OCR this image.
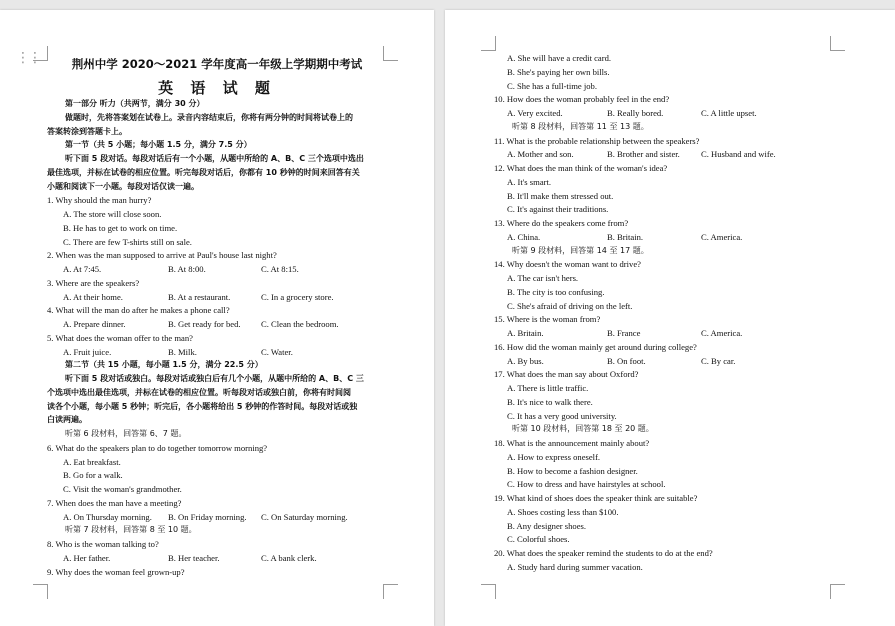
⋮⋮	荆州中学 2020～2021 学年度高一年级上学期期中考试
英 语 试 题
第一部分 听力（共两节，满分 30 分）
做题时，先将答案划在试卷上。录音内容结束后，你将有两分钟的时间将试卷上的
答案转涂到答题卡上。
第一节（共 5 小题；每小题 1.5 分，满分 7.5 分）
听下面 5 段对话。每段对话后有一个小题，从题中所给的 A、B、C 三个选项中选出
最佳选项，并标在试卷的相应位置。听完每段对话后，你都有 10 秒钟的时间来回答有关
小题和阅读下一小题。每段对话仅读一遍。
1. Why should the man hurry?
A. The store will close soon.
B. He has to get to work on time.
C. There are few T-shirts still on sale.
2. When was the man supposed to arrive at Paul's house last night?
A. At 7:45.	B. At 8:00.	C. At 8:15.
3. Where are the speakers?
A. At their home.	B. At a restaurant.	C. In a grocery store.
4. What will the man do after he makes a phone call?
A. Prepare dinner.	B. Get ready for bed. C. Clean the bedroom.
5. What does the woman offer to the man?
A. Fruit juice.	B. Milk.	C. Water.
第二节（共 15 小题，每小题 1.5 分，满分 22.5 分）
听下面 5 段对话或独白。每段对话或独白后有几个小题，从题中所给的 A、B、C 三
个选项中选出最佳选项，并标在试卷的相应位置。听每段对话或独白前，你将有时间阅
读各个小题，每小题 5 秒钟；听完后，各小题将给出 5 秒钟的作答时间。每段对话或独
白读两遍。
听第 6 段材料，回答第 6、7 题。
6. What do the speakers plan to do together tomorrow morning?
A. Eat breakfast.
B. Go for a walk.
C. Visit the woman's grandmother.
7. When does the man have a meeting?
A. On Thursday morning. B. On Friday morning. C. On Saturday morning.
听第 7 段材料，回答第 8 至 10 题。
8. Who is the woman talking to?
A. Her father.	B. Her teacher.	C. A bank clerk.
9. Why does the woman feel grown-up?
A. She will have a credit card.
B. She's paying her own bills.
C. She has a full-time job.
10. How does the woman probably feel in the end?
A. Very excited.	B. Really bored.	C. A little upset.
听第 8 段材料，回答第 11 至 13 题。
11. What is the probable relationship between the speakers?
A. Mother and son.	B. Brother and sister. C. Husband and wife.
12. What does the man think of the woman's idea?
A. It's smart.
B. It'll make them stressed out.
C. It's against their traditions.
13. Where do the speakers come from?
A. China.	B. Britain.	C. America.
听第 9 段材料，回答第 14 至 17 题。
14. Why doesn't the woman want to drive?
A. The car isn't hers.
B. The city is too confusing.
C. She's afraid of driving on the left.
15. Where is the woman from?
A. Britain.	B. France	C. America.
16. How did the woman mainly get around during college?
A. By bus.	B. On foot.	C. By car.
17. What does the man say about Oxford?
A. There is little traffic.
B. It's nice to walk there.
C. It has a very good university.
听第 10 段材料，回答第 18 至 20 题。
18. What is the announcement mainly about?
A. How to express oneself.
B. How to become a fashion designer.
C. How to dress and have hairstyles at school.
19. What kind of shoes does the speaker think are suitable?
A. Shoes costing less than $100.
B. Any designer shoes.
C. Colorful shoes.
20. What does the speaker remind the students to do at the end?
A. Study hard during summer vacation.
